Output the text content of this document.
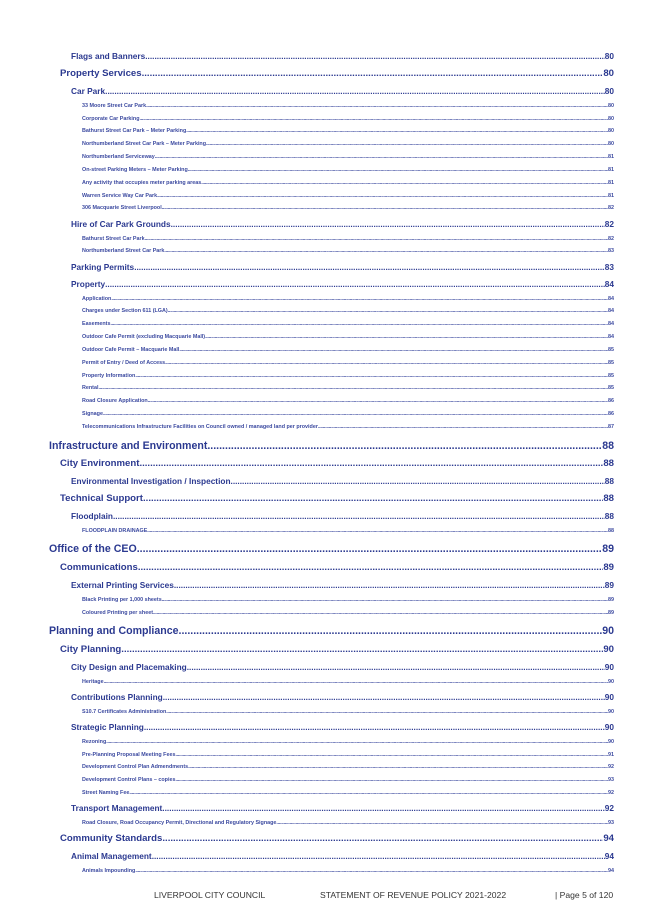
Flags and Banners .....	80
Property Services .....	80
Car Park .....	80
33 Moore Street Car Park .....	80
Corporate Car Parking .....	80
Bathurst Street Car Park – Meter Parking .....	80
Northumberland Street Car Park – Meter Parking .....	80
Northumberland Serviceway .....	81
On-street Parking Meters – Meter Parking .....	81
Any activity that occupies meter parking areas .....	81
Warren Service Way Car Park .....	81
306 Macquarie Street Liverpool .....	82
Hire of Car Park Grounds .....	82
Bathurst Street Car Park .....	82
Northumberland Street Car Park .....	83
Parking Permits .....	83
Property .....	84
Application .....	84
Charges under Section 611 (LGA) .....	84
Easements .....	84
Outdoor Cafe Permit (excluding Macquarie Mall) .....	84
Outdoor Cafe Permit – Macquarie Mall .....	85
Permit of Entry / Deed of Access .....	85
Property Information .....	85
Rental .....	85
Road Closure Application .....	86
Signage .....	86
Telecommunications Infrastructure Facilities on Council owned / managed land per provider .....	87
Infrastructure and Environment .....	88
City Environment .....	88
Environmental Investigation / Inspection .....	88
Technical Support .....	88
Floodplain .....	88
FLOODPLAIN DRAINAGE .....	88
Office of the CEO .....	89
Communications .....	89
External Printing Services .....	89
Black Printing per 1,000 sheets .....	89
Coloured Printing per sheet .....	89
Planning and Compliance .....	90
City Planning .....	90
City Design and Placemaking .....	90
Heritage .....	90
Contributions Planning .....	90
S10.7 Certificates Administration .....	90
Strategic Planning .....	90
Rezoning .....	90
Pre-Planning Proposal Meeting Fees .....	91
Development Control Plan Admendments .....	92
Development Control Plans – copies .....	93
Street Naming Fee .....	92
Transport Management .....	92
Road Closure, Road Occupancy Permit, Directional and Regulatory Signage .....	93
Community Standards .....	94
Animal Management .....	94
Animals Impounding .....	94
LIVERPOOL CITY COUNCIL	STATEMENT OF REVENUE POLICY 2021-2022	| Page 5 of 120
